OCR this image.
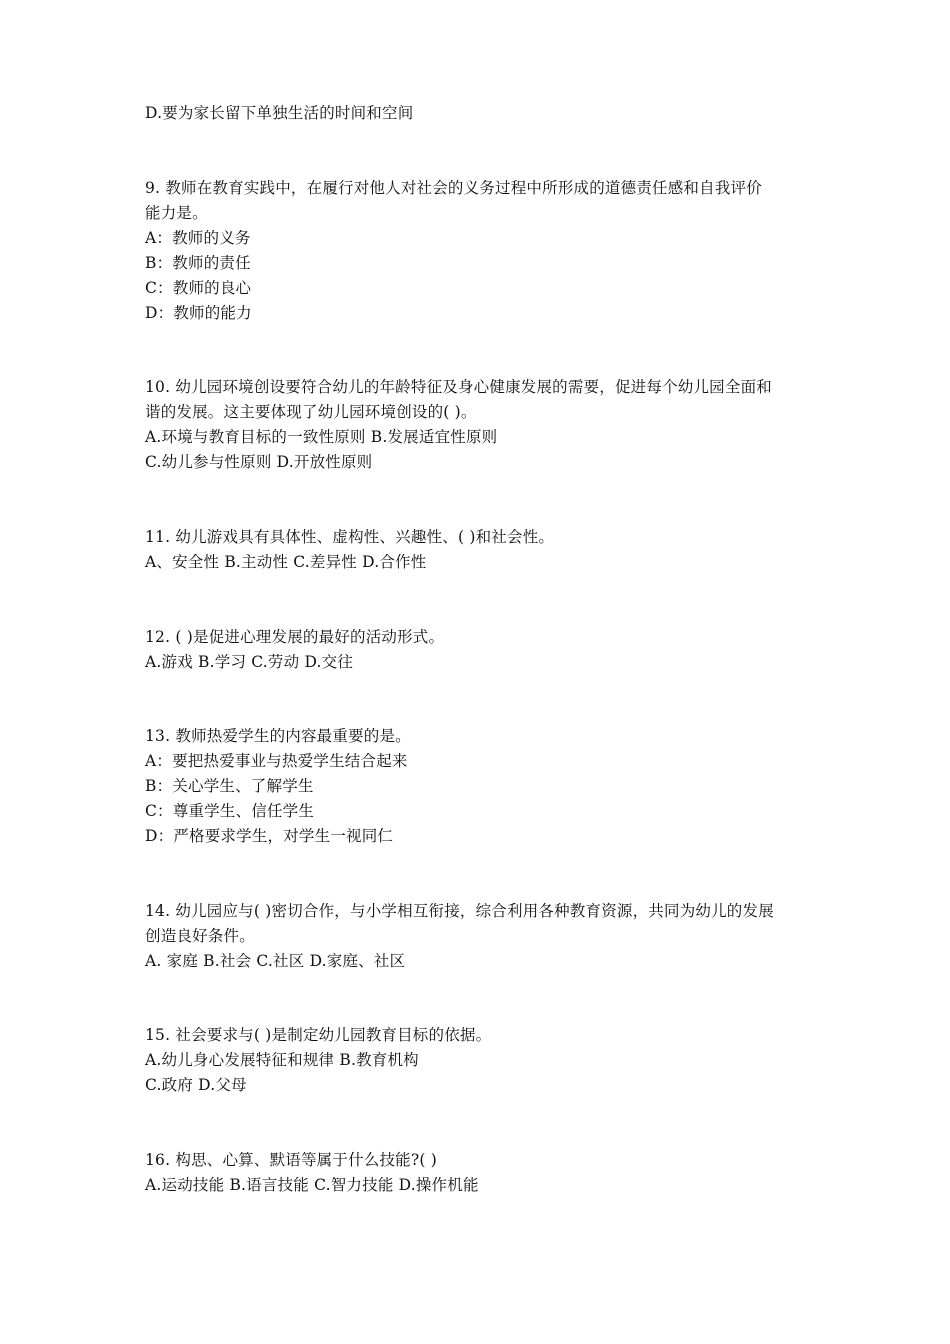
D.要为家长留下单独生活的时间和空间
9. 教师在教育实践中，在履行对他人对社会的义务过程中所形成的道德责任感和自我评价
能力是。
A：教师的义务
B：教师的责任
C：教师的良心
D：教师的能力
10. 幼儿园环境创设要符合幼儿的年龄特征及身心健康发展的需要，促进每个幼儿园全面和
谐的发展。这主要体现了幼儿园环境创设的( )。
A.环境与教育目标的一致性原则 B.发展适宜性原则
C.幼儿参与性原则 D.开放性原则
11. 幼儿游戏具有具体性、虚构性、兴趣性、( )和社会性。
A、安全性 B.主动性 C.差异性 D.合作性
12. ( )是促进心理发展的最好的活动形式。
A.游戏 B.学习 C.劳动 D.交往
13. 教师热爱学生的内容最重要的是。
A：要把热爱事业与热爱学生结合起来
B：关心学生、了解学生
C：尊重学生、信任学生
D：严格要求学生，对学生一视同仁
14. 幼儿园应与( )密切合作，与小学相互衔接，综合利用各种教育资源，共同为幼儿的发展
创造良好条件。
A. 家庭 B.社会 C.社区 D.家庭、社区
15. 社会要求与( )是制定幼儿园教育目标的依据。
A.幼儿身心发展特征和规律 B.教育机构
C.政府 D.父母
16. 构思、心算、默语等属于什么技能?( )
A.运动技能 B.语言技能 C.智力技能 D.操作机能
